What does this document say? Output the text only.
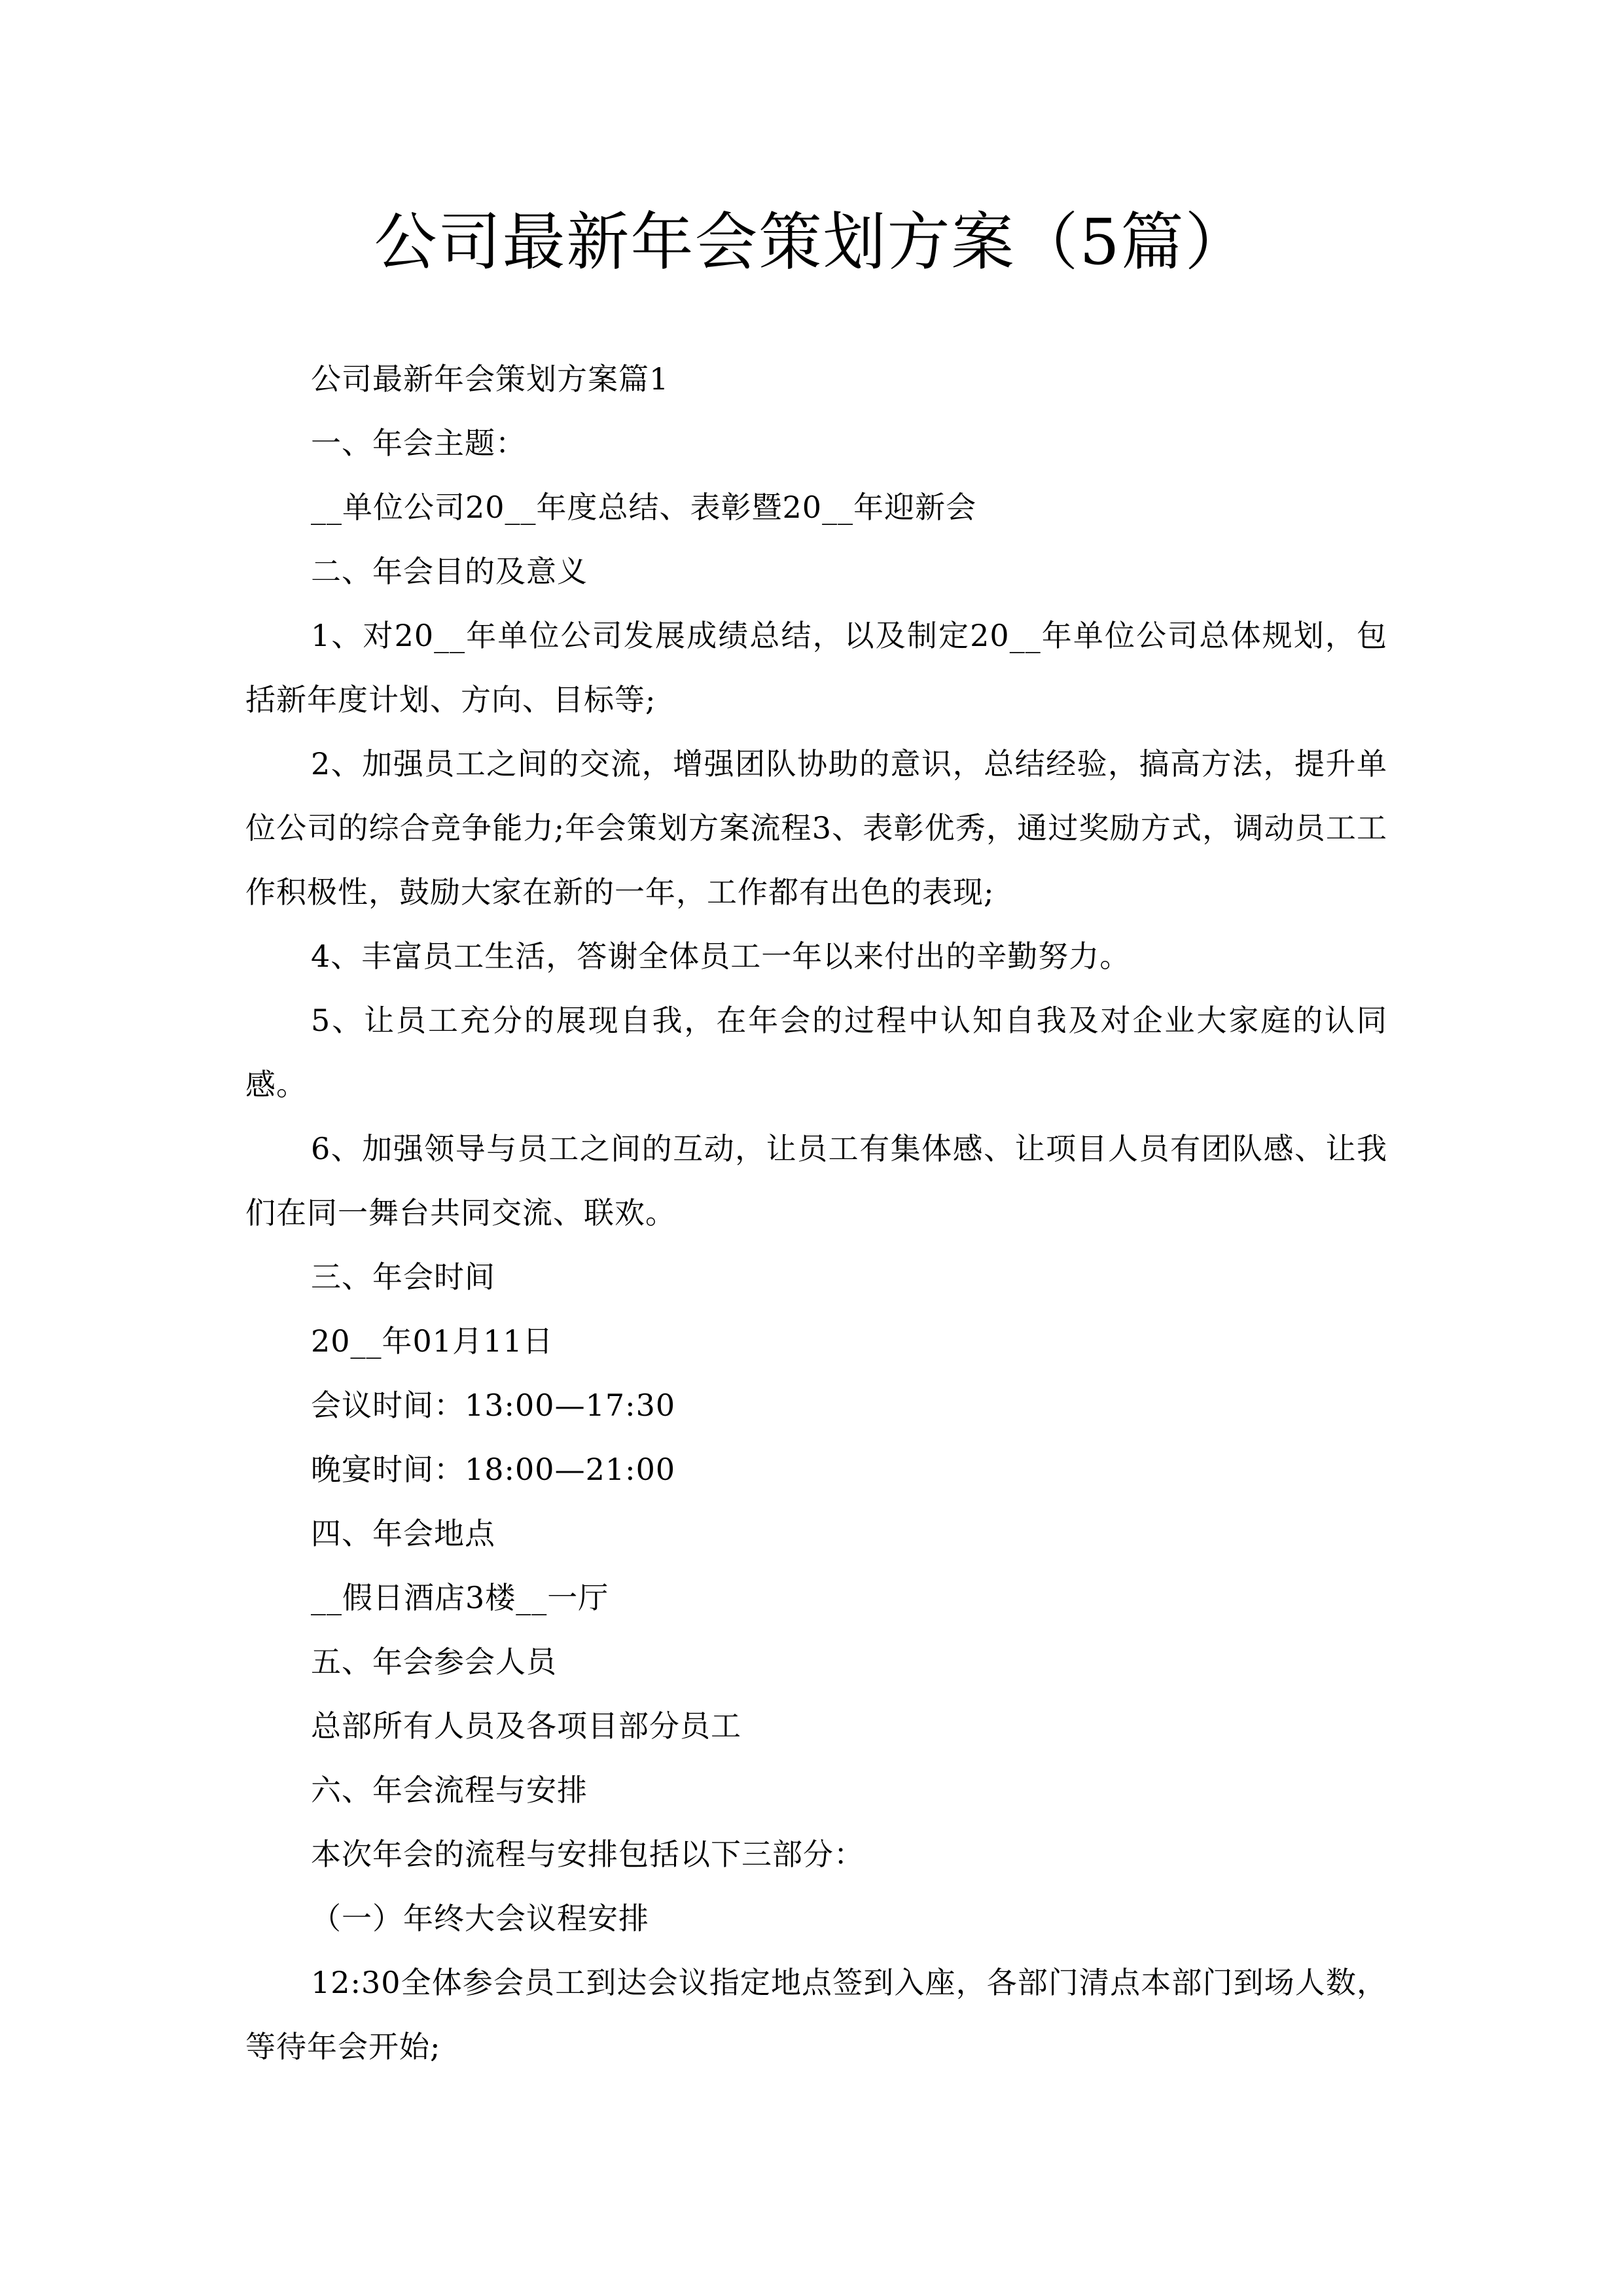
公司最新年会策划方案（5篇）

公司最新年会策划方案篇1

一、年会主题：

__单位公司20__年度总结、表彰暨20__年迎新会

二、年会目的及意义

1、对20__年单位公司发展成绩总结，以及制定20__年单位公司总体规划，包括新年度计划、方向、目标等;

2、加强员工之间的交流，增强团队协助的意识，总结经验，搞高方法，提升单位公司的综合竞争能力;年会策划方案流程3、表彰优秀，通过奖励方式，调动员工工作积极性，鼓励大家在新的一年，工作都有出色的表现;

4、丰富员工生活，答谢全体员工一年以来付出的辛勤努力。

5、让员工充分的展现自我，在年会的过程中认知自我及对企业大家庭的认同感。

6、加强领导与员工之间的互动，让员工有集体感、让项目人员有团队感、让我们在同一舞台共同交流、联欢。

三、年会时间

20__年01月11日

会议时间：13:00—17:30

晚宴时间：18:00—21:00

四、年会地点

__假日酒店3楼__一厅

五、年会参会人员

总部所有人员及各项目部分员工

六、年会流程与安排

本次年会的流程与安排包括以下三部分：

（一）年终大会议程安排

12:30全体参会员工到达会议指定地点签到入座，各部门清点本部门到场人数，等待年会开始;
